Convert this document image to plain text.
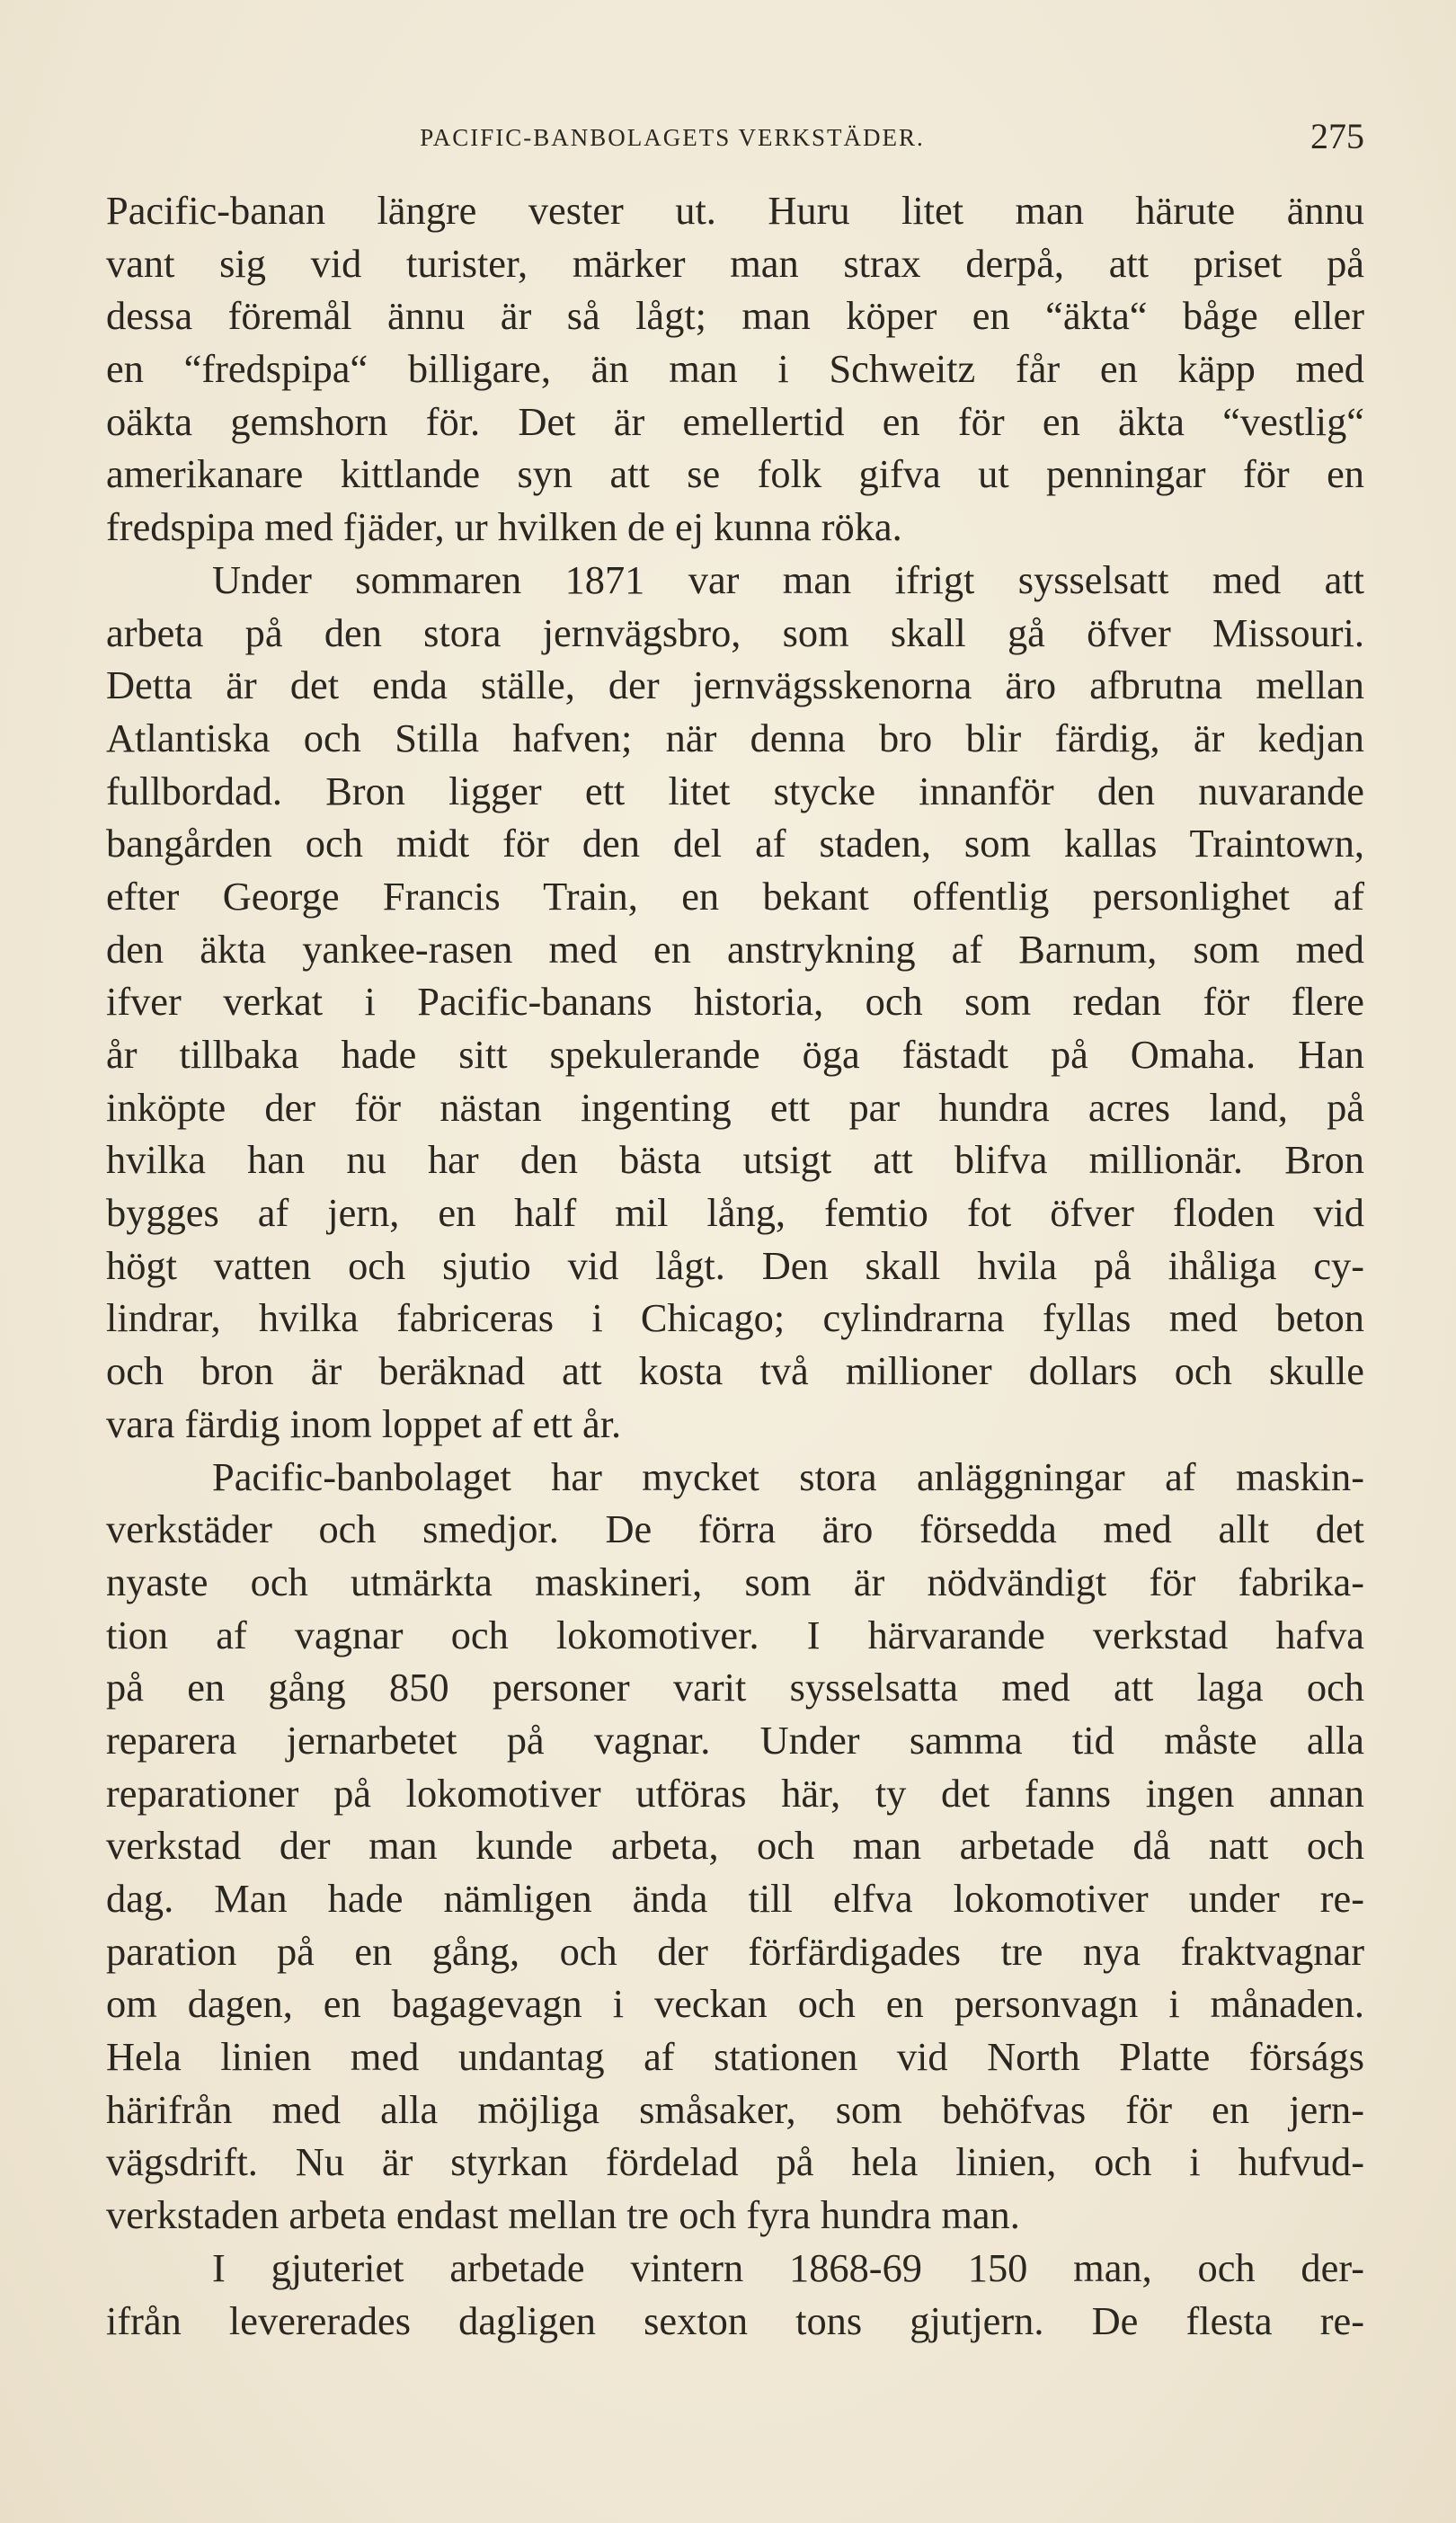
PACIFIC-BANBOLAGETS VERKSTÄDER.	275
Pacific-banan längre vester ut. Huru litet man härute ännu
vant sig vid turister, märker man strax derpå, att priset på
dessa föremål ännu är så lågt; man köper en “äkta“ båge eller
en “fredspipa“ billigare, än man i Schweitz får en käpp med
oäkta gemshorn för. Det är emellertid en för en äkta “vestlig“
amerikanare kittlande syn att se folk gifva ut penningar för en
fredspipa med fjäder, ur hvilken de ej kunna röka.
Under sommaren 1871 var man ifrigt sysselsatt med att
arbeta på den stora jernvägsbro, som skall gå öfver Missouri.
Detta är det enda ställe, der jernvägsskenorna äro afbrutna mellan
Atlantiska och Stilla hafven; när denna bro blir färdig, är kedjan
fullbordad. Bron ligger ett litet stycke innanför den nuvarande
bangården och midt för den del af staden, som kallas Traintown,
efter George Francis Train, en bekant offentlig personlighet af
den äkta yankee-rasen med en anstrykning af Barnum, som med
ifver verkat i Pacific-banans historia, och som redan för flere
år tillbaka hade sitt spekulerande öga fästadt på Omaha. Han
inköpte der för nästan ingenting ett par hundra acres land, på
hvilka han nu har den bästa utsigt att blifva millionär. Bron
bygges af jern, en half mil lång, femtio fot öfver floden vid
högt vatten och sjutio vid lågt. Den skall hvila på ihåliga cy-
lindrar, hvilka fabriceras i Chicago; cylindrarna fyllas med beton
och bron är beräknad att kosta två millioner dollars och skulle
vara färdig inom loppet af ett år.
Pacific-banbolaget har mycket stora anläggningar af maskin-
verkstäder och smedjor. De förra äro försedda med allt det
nyaste och utmärkta maskineri, som är nödvändigt för fabrika-
tion af vagnar och lokomotiver. I härvarande verkstad hafva
på en gång 850 personer varit sysselsatta med att laga och
reparera jernarbetet på vagnar. Under samma tid måste alla
reparationer på lokomotiver utföras här, ty det fanns ingen annan
verkstad der man kunde arbeta, och man arbetade då natt och
dag. Man hade nämligen ända till elfva lokomotiver under re-
paration på en gång, och der förfärdigades tre nya fraktvagnar
om dagen, en bagagevagn i veckan och en personvagn i månaden.
Hela linien med undantag af stationen vid North Platte förságs
härifrån med alla möjliga småsaker, som behöfvas för en jern-
vägsdrift. Nu är styrkan fördelad på hela linien, och i hufvud-
verkstaden arbeta endast mellan tre och fyra hundra man.
I gjuteriet arbetade vintern 1868-69 150 man, och der-
ifrån levererades dagligen sexton tons gjutjern. De flesta re-
